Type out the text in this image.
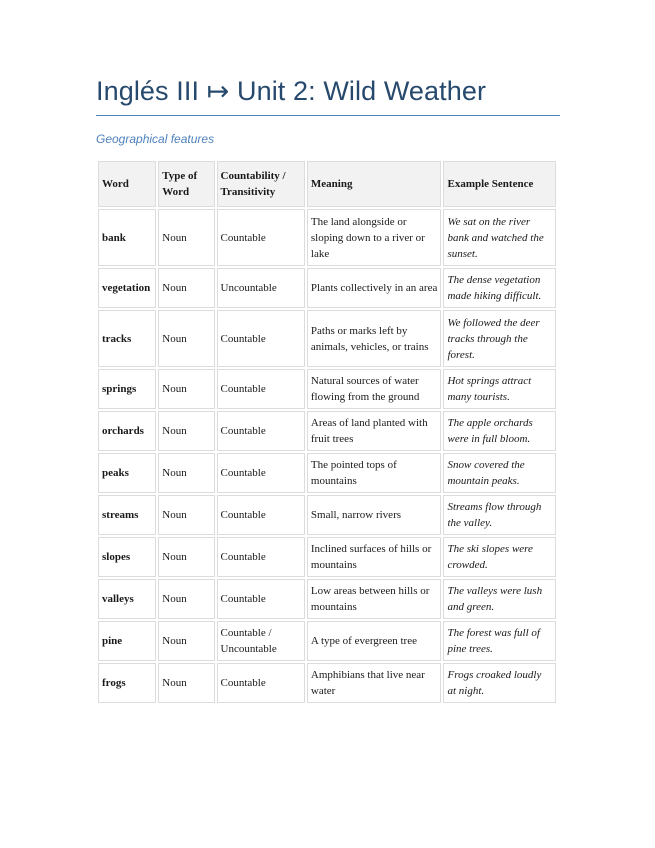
Inglés III ↦ Unit 2: Wild Weather

Geographical features

Word	Type of Word	Countability / Transitivity	Meaning	Example Sentence
bank	Noun	Countable	The land alongside or sloping down to a river or lake	We sat on the river bank and watched the sunset.
vegetation	Noun	Uncountable	Plants collectively in an area	The dense vegetation made hiking difficult.
tracks	Noun	Countable	Paths or marks left by animals, vehicles, or trains	We followed the deer tracks through the forest.
springs	Noun	Countable	Natural sources of water flowing from the ground	Hot springs attract many tourists.
orchards	Noun	Countable	Areas of land planted with fruit trees	The apple orchards were in full bloom.
peaks	Noun	Countable	The pointed tops of mountains	Snow covered the mountain peaks.
streams	Noun	Countable	Small, narrow rivers	Streams flow through the valley.
slopes	Noun	Countable	Inclined surfaces of hills or mountains	The ski slopes were crowded.
valleys	Noun	Countable	Low areas between hills or mountains	The valleys were lush and green.
pine	Noun	Countable / Uncountable	A type of evergreen tree	The forest was full of pine trees.
frogs	Noun	Countable	Amphibians that live near water	Frogs croaked loudly at night.
